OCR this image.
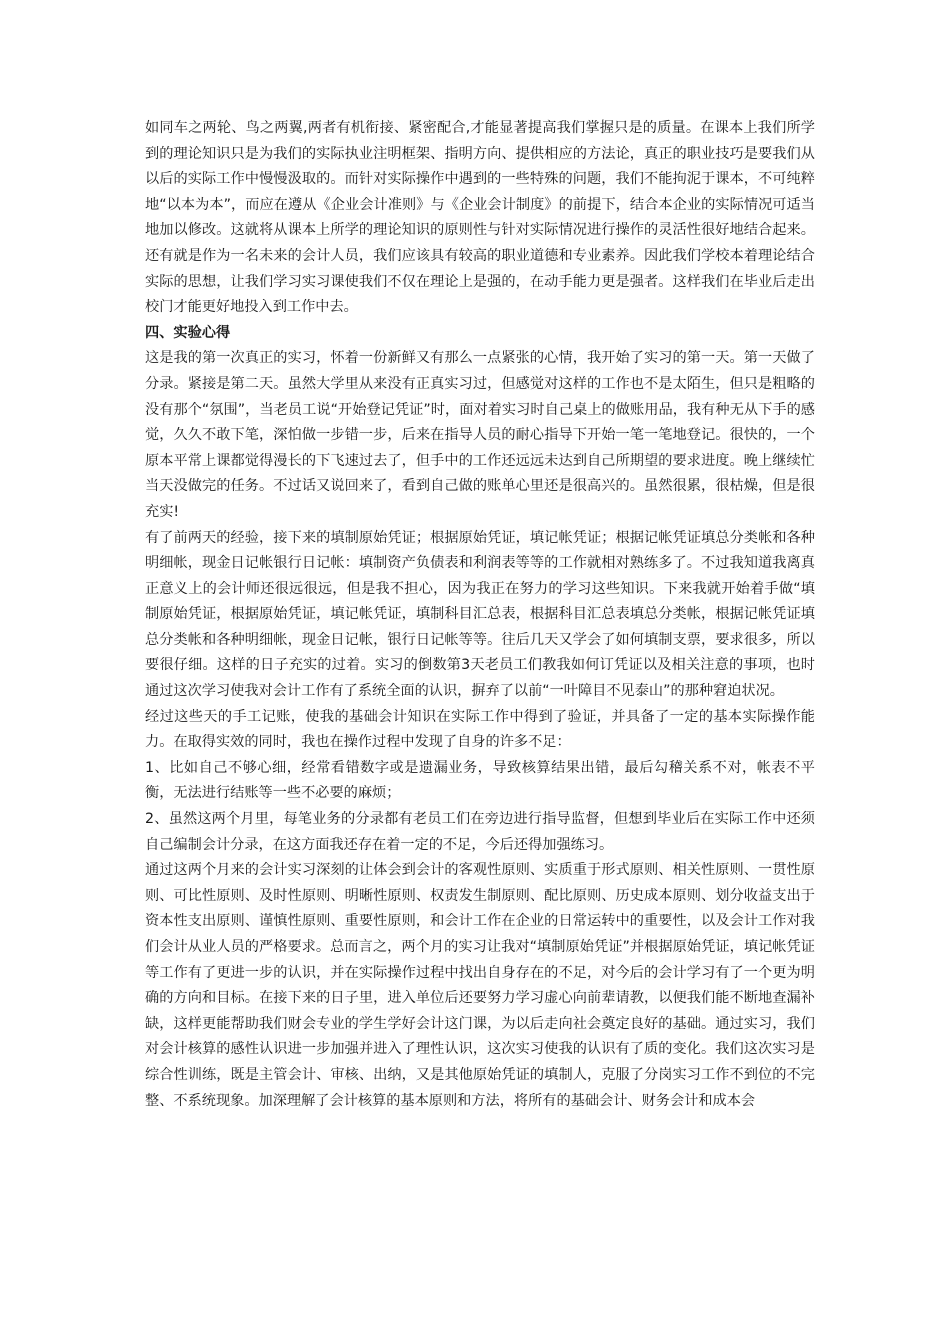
如同车之两轮、鸟之两翼,两者有机衔接、紧密配合,才能显著提高我们掌握只是的质量。在课本上我们所学到的理论知识只是为我们的实际执业注明框架、指明方向、提供相应的方法论，真正的职业技巧是要我们从以后的实际工作中慢慢汲取的。而针对实际操作中遇到的一些特殊的问题，我们不能拘泥于课本，不可纯粹地“以本为本”，而应在遵从《企业会计准则》与《企业会计制度》的前提下，结合本企业的实际情况可适当地加以修改。这就将从课本上所学的理论知识的原则性与针对实际情况进行操作的灵活性很好地结合起来。还有就是作为一名未来的会计人员，我们应该具有较高的职业道德和专业素养。因此我们学校本着理论结合实际的思想，让我们学习实习课使我们不仅在理论上是强的，在动手能力更是强者。这样我们在毕业后走出校门才能更好地投入到工作中去。

四、实验心得

这是我的第一次真正的实习，怀着一份新鲜又有那么一点紧张的心情，我开始了实习的第一天。第一天做了分录。紧接是第二天。虽然大学里从来没有正真实习过，但感觉对这样的工作也不是太陌生，但只是粗略的没有那个“氛围”，当老员工说“开始登记凭证”时，面对着实习时自己桌上的做账用品，我有种无从下手的感觉，久久不敢下笔，深怕做一步错一步，后来在指导人员的耐心指导下开始一笔一笔地登记。很快的，一个原本平常上课都觉得漫长的下飞速过去了，但手中的工作还远远未达到自己所期望的要求进度。晚上继续忙当天没做完的任务。不过话又说回来了，看到自己做的账单心里还是很高兴的。虽然很累，很枯燥，但是很充实!

有了前两天的经验，接下来的填制原始凭证；根据原始凭证，填记帐凭证；根据记帐凭证填总分类帐和各种明细帐，现金日记帐银行日记帐：填制资产负债表和利润表等等的工作就相对熟练多了。不过我知道我离真正意义上的会计师还很远很远，但是我不担心，因为我正在努力的学习这些知识。下来我就开始着手做“填制原始凭证，根据原始凭证，填记帐凭证，填制科目汇总表，根据科目汇总表填总分类帐，根据记帐凭证填总分类帐和各种明细帐，现金日记帐，银行日记帐等等。往后几天又学会了如何填制支票，要求很多，所以要很仔细。这样的日子充实的过着。实习的倒数第3天老员工们教我如何订凭证以及相关注意的事项，也时通过这次学习使我对会计工作有了系统全面的认识，摒弃了以前“一叶障目不见泰山”的那种窘迫状况。

经过这些天的手工记账，使我的基础会计知识在实际工作中得到了验证，并具备了一定的基本实际操作能力。在取得实效的同时，我也在操作过程中发现了自身的许多不足：

1、比如自己不够心细，经常看错数字或是遗漏业务，导致核算结果出错，最后勾稽关系不对，帐表不平衡，无法进行结账等一些不必要的麻烦；

2、虽然这两个月里，每笔业务的分录都有老员工们在旁边进行指导监督，但想到毕业后在实际工作中还须自己编制会计分录，在这方面我还存在着一定的不足，今后还得加强练习。

通过这两个月来的会计实习深刻的让体会到会计的客观性原则、实质重于形式原则、相关性原则、一贯性原则、可比性原则、及时性原则、明晰性原则、权责发生制原则、配比原则、历史成本原则、划分收益支出于资本性支出原则、谨慎性原则、重要性原则，和会计工作在企业的日常运转中的重要性，以及会计工作对我们会计从业人员的严格要求。总而言之，两个月的实习让我对“填制原始凭证”并根据原始凭证，填记帐凭证等工作有了更进一步的认识，并在实际操作过程中找出自身存在的不足，对今后的会计学习有了一个更为明确的方向和目标。在接下来的日子里，进入单位后还要努力学习虚心向前辈请教，以便我们能不断地查漏补缺，这样更能帮助我们财会专业的学生学好会计这门课，为以后走向社会奠定良好的基础。通过实习，我们对会计核算的感性认识进一步加强并进入了理性认识，这次实习使我的认识有了质的变化。我们这次实习是综合性训练，既是主管会计、审核、出纳，又是其他原始凭证的填制人，克服了分岗实习工作不到位的不完整、不系统现象。加深理解了会计核算的基本原则和方法，将所有的基础会计、财务会计和成本会
